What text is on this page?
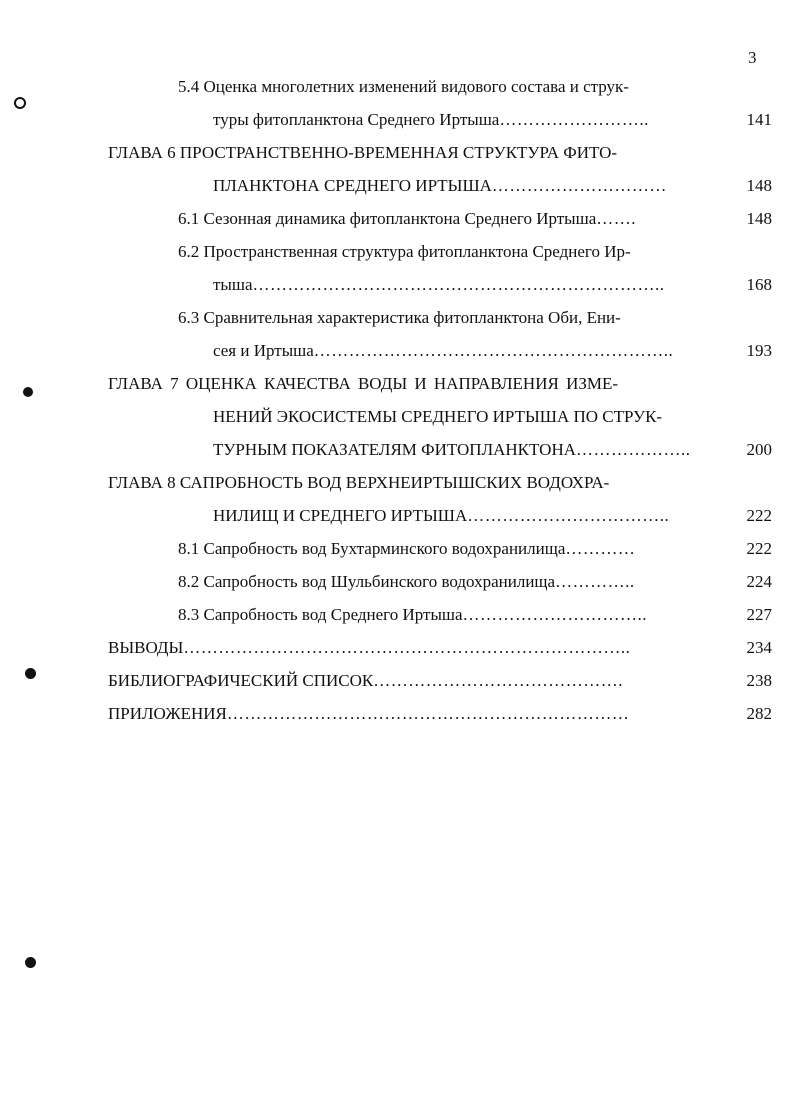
3
5.4 Оценка многолетних изменений видового состава и струк-
туры фитопланктона Среднего Иртыша……………………..	141
ГЛАВА 6 ПРОСТРАНСТВЕННО-ВРЕМЕННАЯ СТРУКТУРА ФИТО-
ПЛАНКТОНА СРЕДНЕГО ИРТЫША…………………………	148
6.1 Сезонная динамика фитопланктона Среднего Иртыша…….	148
6.2 Пространственная структура фитопланктона Среднего Ир-
тыша……………………………………………………………..	168
6.3 Сравнительная характеристика фитопланктона Оби, Ени-
сея и Иртыша……………………………………………………..	193
ГЛАВА 7 ОЦЕНКА КАЧЕСТВА ВОДЫ И НАПРАВЛЕНИЯ ИЗМЕ-
НЕНИЙ ЭКОСИСТЕМЫ СРЕДНЕГО ИРТЫША ПО СТРУК-
ТУРНЫМ ПОКАЗАТЕЛЯМ ФИТОПЛАНКТОНА………………..	200
ГЛАВА 8 САПРОБНОСТЬ ВОД ВЕРХНЕИРТЫШСКИХ ВОДОХРА-
НИЛИЩ И СРЕДНЕГО ИРТЫША……………………………..	222
8.1 Сапробность вод Бухтарминского водохранилища…………	222
8.2 Сапробность вод Шульбинского водохранилища…………..	224
8.3 Сапробность вод Среднего Иртыша…………………………..	227
ВЫВОДЫ…………………………………………………………………..	234
БИБЛИОГРАФИЧЕСКИЙ СПИСОК…………………………………….	238
ПРИЛОЖЕНИЯ……………………………………………………………	282
